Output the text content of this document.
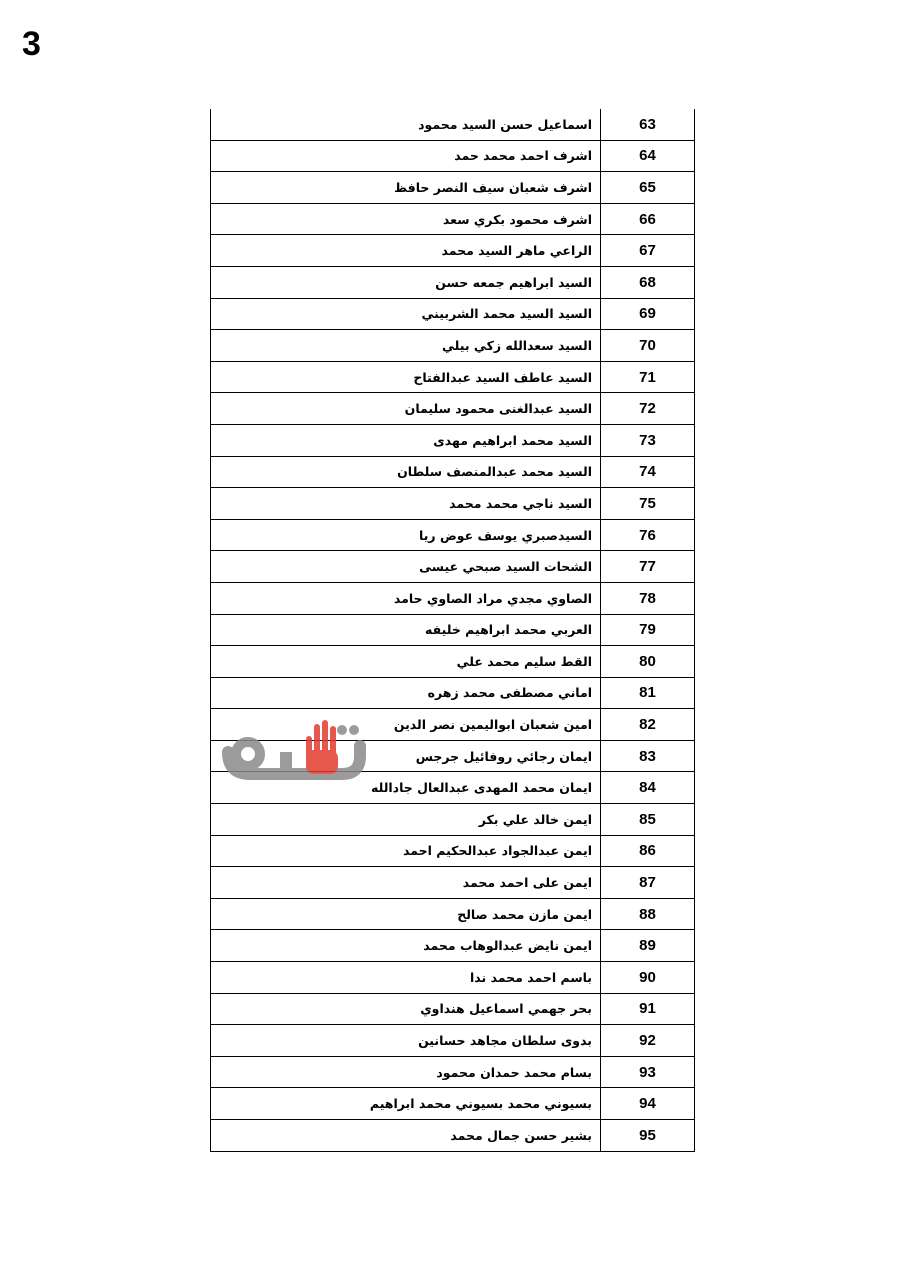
3
اسماعيل حسن السيد محمود	63
اشرف احمد محمد حمد	64
اشرف شعبان سيف النصر حافظ	65
اشرف محمود بكري سعد	66
الراعي ماهر السيد محمد	67
السيد ابراهيم جمعه حسن	68
السيد السيد محمد الشربيني	69
السيد سعدالله زكي بيلي	70
السيد عاطف السيد عبدالفتاح	71
السيد عبدالغنى محمود سليمان	72
السيد محمد ابراهيم مهدى	73
السيد محمد عبدالمنصف سلطان	74
السيد ناجي محمد محمد	75
السيدصبري يوسف عوض ريا	76
الشحات السيد صبحي عيسى	77
الصاوي مجدي مراد الصاوي حامد	78
العربي محمد ابراهيم خليفه	79
القط سليم محمد علي	80
اماني مصطفى محمد زهره	81
امين شعبان ابواليمين نصر الدين	82
ايمان رجائي روفائيل جرجس	83
ايمان محمد المهدى عبدالعال جادالله	84
ايمن خالد علي بكر	85
ايمن عبدالجواد عبدالحكيم احمد	86
ايمن على احمد محمد	87
ايمن مازن محمد صالح	88
ايمن نايض عبدالوهاب محمد	89
باسم احمد محمد ندا	90
بحر جهمي اسماعيل هنداوي	91
بدوى سلطان مجاهد حسانين	92
بسام محمد حمدان محمود	93
بسيوني محمد بسيوني محمد ابراهيم	94
بشير حسن جمال محمد	95
